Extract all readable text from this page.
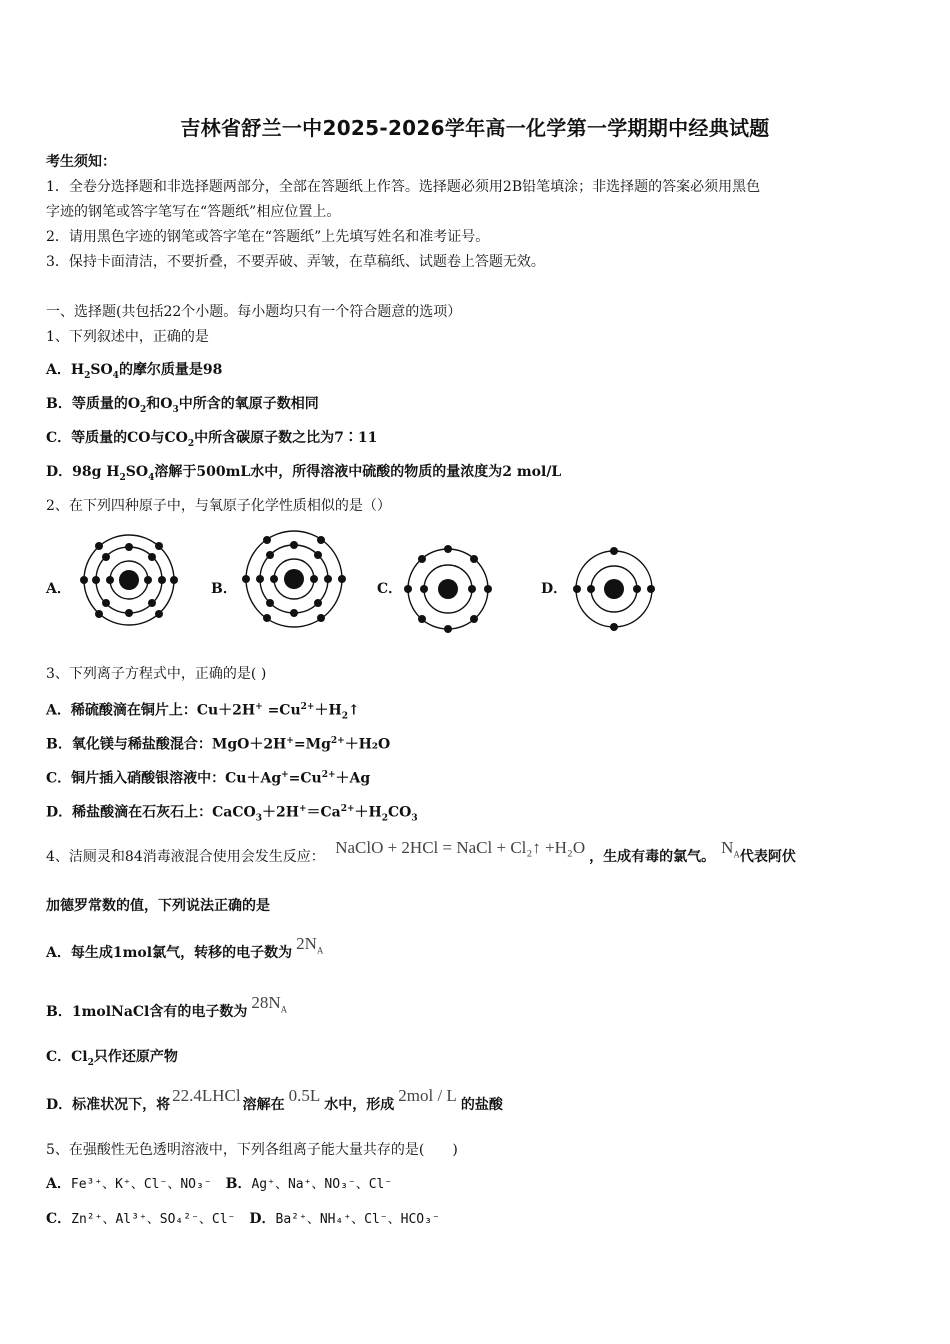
吉林省舒兰一中2025-2026学年高一化学第一学期期中经典试题
考生须知：
1．全卷分选择题和非选择题两部分，全部在答题纸上作答。选择题必须用2B铅笔填涂；非选择题的答案必须用黑色
字迹的钢笔或答字笔写在“答题纸”相应位置上。
2．请用黑色字迹的钢笔或答字笔在“答题纸”上先填写姓名和准考证号。
3．保持卡面清洁，不要折叠，不要弄破、弄皱，在草稿纸、试题卷上答题无效。
一、选择题(共包括22个小题。每小题均只有一个符合题意的选项）
1、下列叙述中，正确的是
A．$H_2SO_4$的摩尔质量是98
B．等质量的$O_2$和$O_3$中所含的氧原子数相同
C．等质量的CO与$CO_2$中所含碳原子数之比为7∶11
D．98g $H_2SO_4$溶解于500mL水中，所得溶液中硫酸的物质的量浓度为2 mol/L
2、在下列四种原子中，与氧原子化学性质相似的是（）
A．	B．	C．	D．
3、下列离子方程式中，正确的是( )
A．稀硫酸滴在铜片上：$Cu+2H^+ =Cu^{2+}+H_2↑$
B．氧化镁与稀盐酸混合：$MgO+2H^+=Mg^{2+}+H_2O$
C．铜片插入硝酸银溶液中：$Cu+Ag^+=Cu^{2+}+Ag$
D．稀盐酸滴在石灰石上：$CaCO_3+2H^+=Ca^{2+}+H_2CO_3$
4、洁厕灵和84消毒液混合使用会发生反应： NaClO + 2HCl = NaCl + Cl₂↑ +H₂O ，生成有毒的氯气。 $N_A$代表阿伏
加德罗常数的值，下列说法正确的是
A．每生成1mol氯气，转移的电子数为 $2N_A$
B．1molNaCl含有的电子数为 $28N_A$
C．$Cl_2$只作还原产物
D．标准状况下，将 22.4LHCl 溶解在 0.5L 水中，形成 2mol / L 的盐酸
5、在强酸性无色透明溶液中，下列各组离子能大量共存的是(　　)
A．Fe³⁺、K⁺、Cl⁻、NO₃⁻ B．Ag⁺、Na⁺、NO₃⁻、Cl⁻
C．Zn²⁺、Al³⁺、SO₄²⁻、Cl⁻ D．Ba²⁺、NH₄⁺、Cl⁻、HCO₃⁻
